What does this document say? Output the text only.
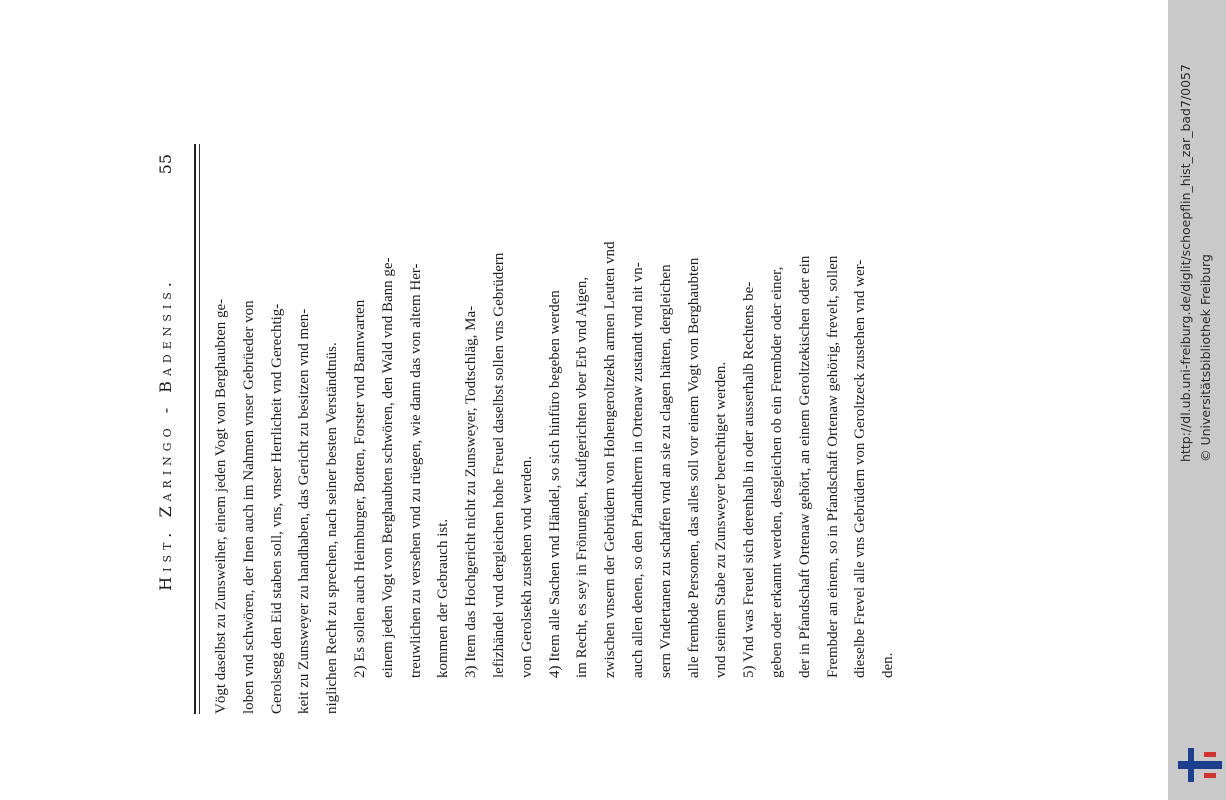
Hist. Zaringo - Badensis.
55

Vögt daselbst zu Zunsweiher, einem jeden Vogt von Berghaubten ge- loben vnd schwören, der Inen auch im Nahmen vnser Gebrüeder von Gerolsegg den Eid staben soll, vns, vnser Herrlicheit vnd Gerechtig- keit zu Zunsweyer zu handhaben, das Gericht zu besitzen vnd men- niglichen Recht zu sprechen, nach seiner besten Verständtnüs. 2) Es sollen auch Heimburger, Botten, Forster vnd Bannwarten einem jeden Vogt von Berghaubten schwören, den Wald vnd Bann ge- treuwlichen zu versehen vnd zu rüegen, wie dann das von altem Her- kommen der Gebrauch ist. 3) Item das Hochgericht nicht zu Zunsweyer, Todtschläg, Ma- lefizhändel vnd dergleichen hohe Freuel daselbst sollen vns Gebrüdern von Gerolsekh zustehen vnd werden. 4) Item alle Sachen vnd Händel, so sich hinfüro begeben werden im Recht, es sey in Frönungen, Kaufgerichten vber Erb vnd Aigen, zwischen vnsern der Gebrüdern von Hohengeroltzekh armen Leuten vnd auch allen denen, so den Pfandtherrn in Ortenaw zustandt vnd nit vn- sern Vndertanen zu schaffen vnd an sie zu clagen hätten, dergleichen alle frembde Personen, das alles soll vor einem Vogt von Berghaubten vnd seinem Stabe zu Zunsweyer berechtiget werden. 5) Vnd was Freuel sich derenhalb in oder ausserhalb Rechtens be- geben oder erkannt werden, desgleichen ob ein Frembder oder einer, der in Pfandschaft Ortenaw gehört, an einem Geroltzekischen oder ein Frembder an einem, so in Pfandschaft Ortenaw gehörig, frevelt, sollen dieselbe Frevel alle vns Gebrüdern von Geroltzeck zustehen vnd wer- den.

http://dl.ub.uni-freiburg.de/diglit/schoepflin_hist_zar_bad7/0057 © Universitätsbibliothek Freiburg
